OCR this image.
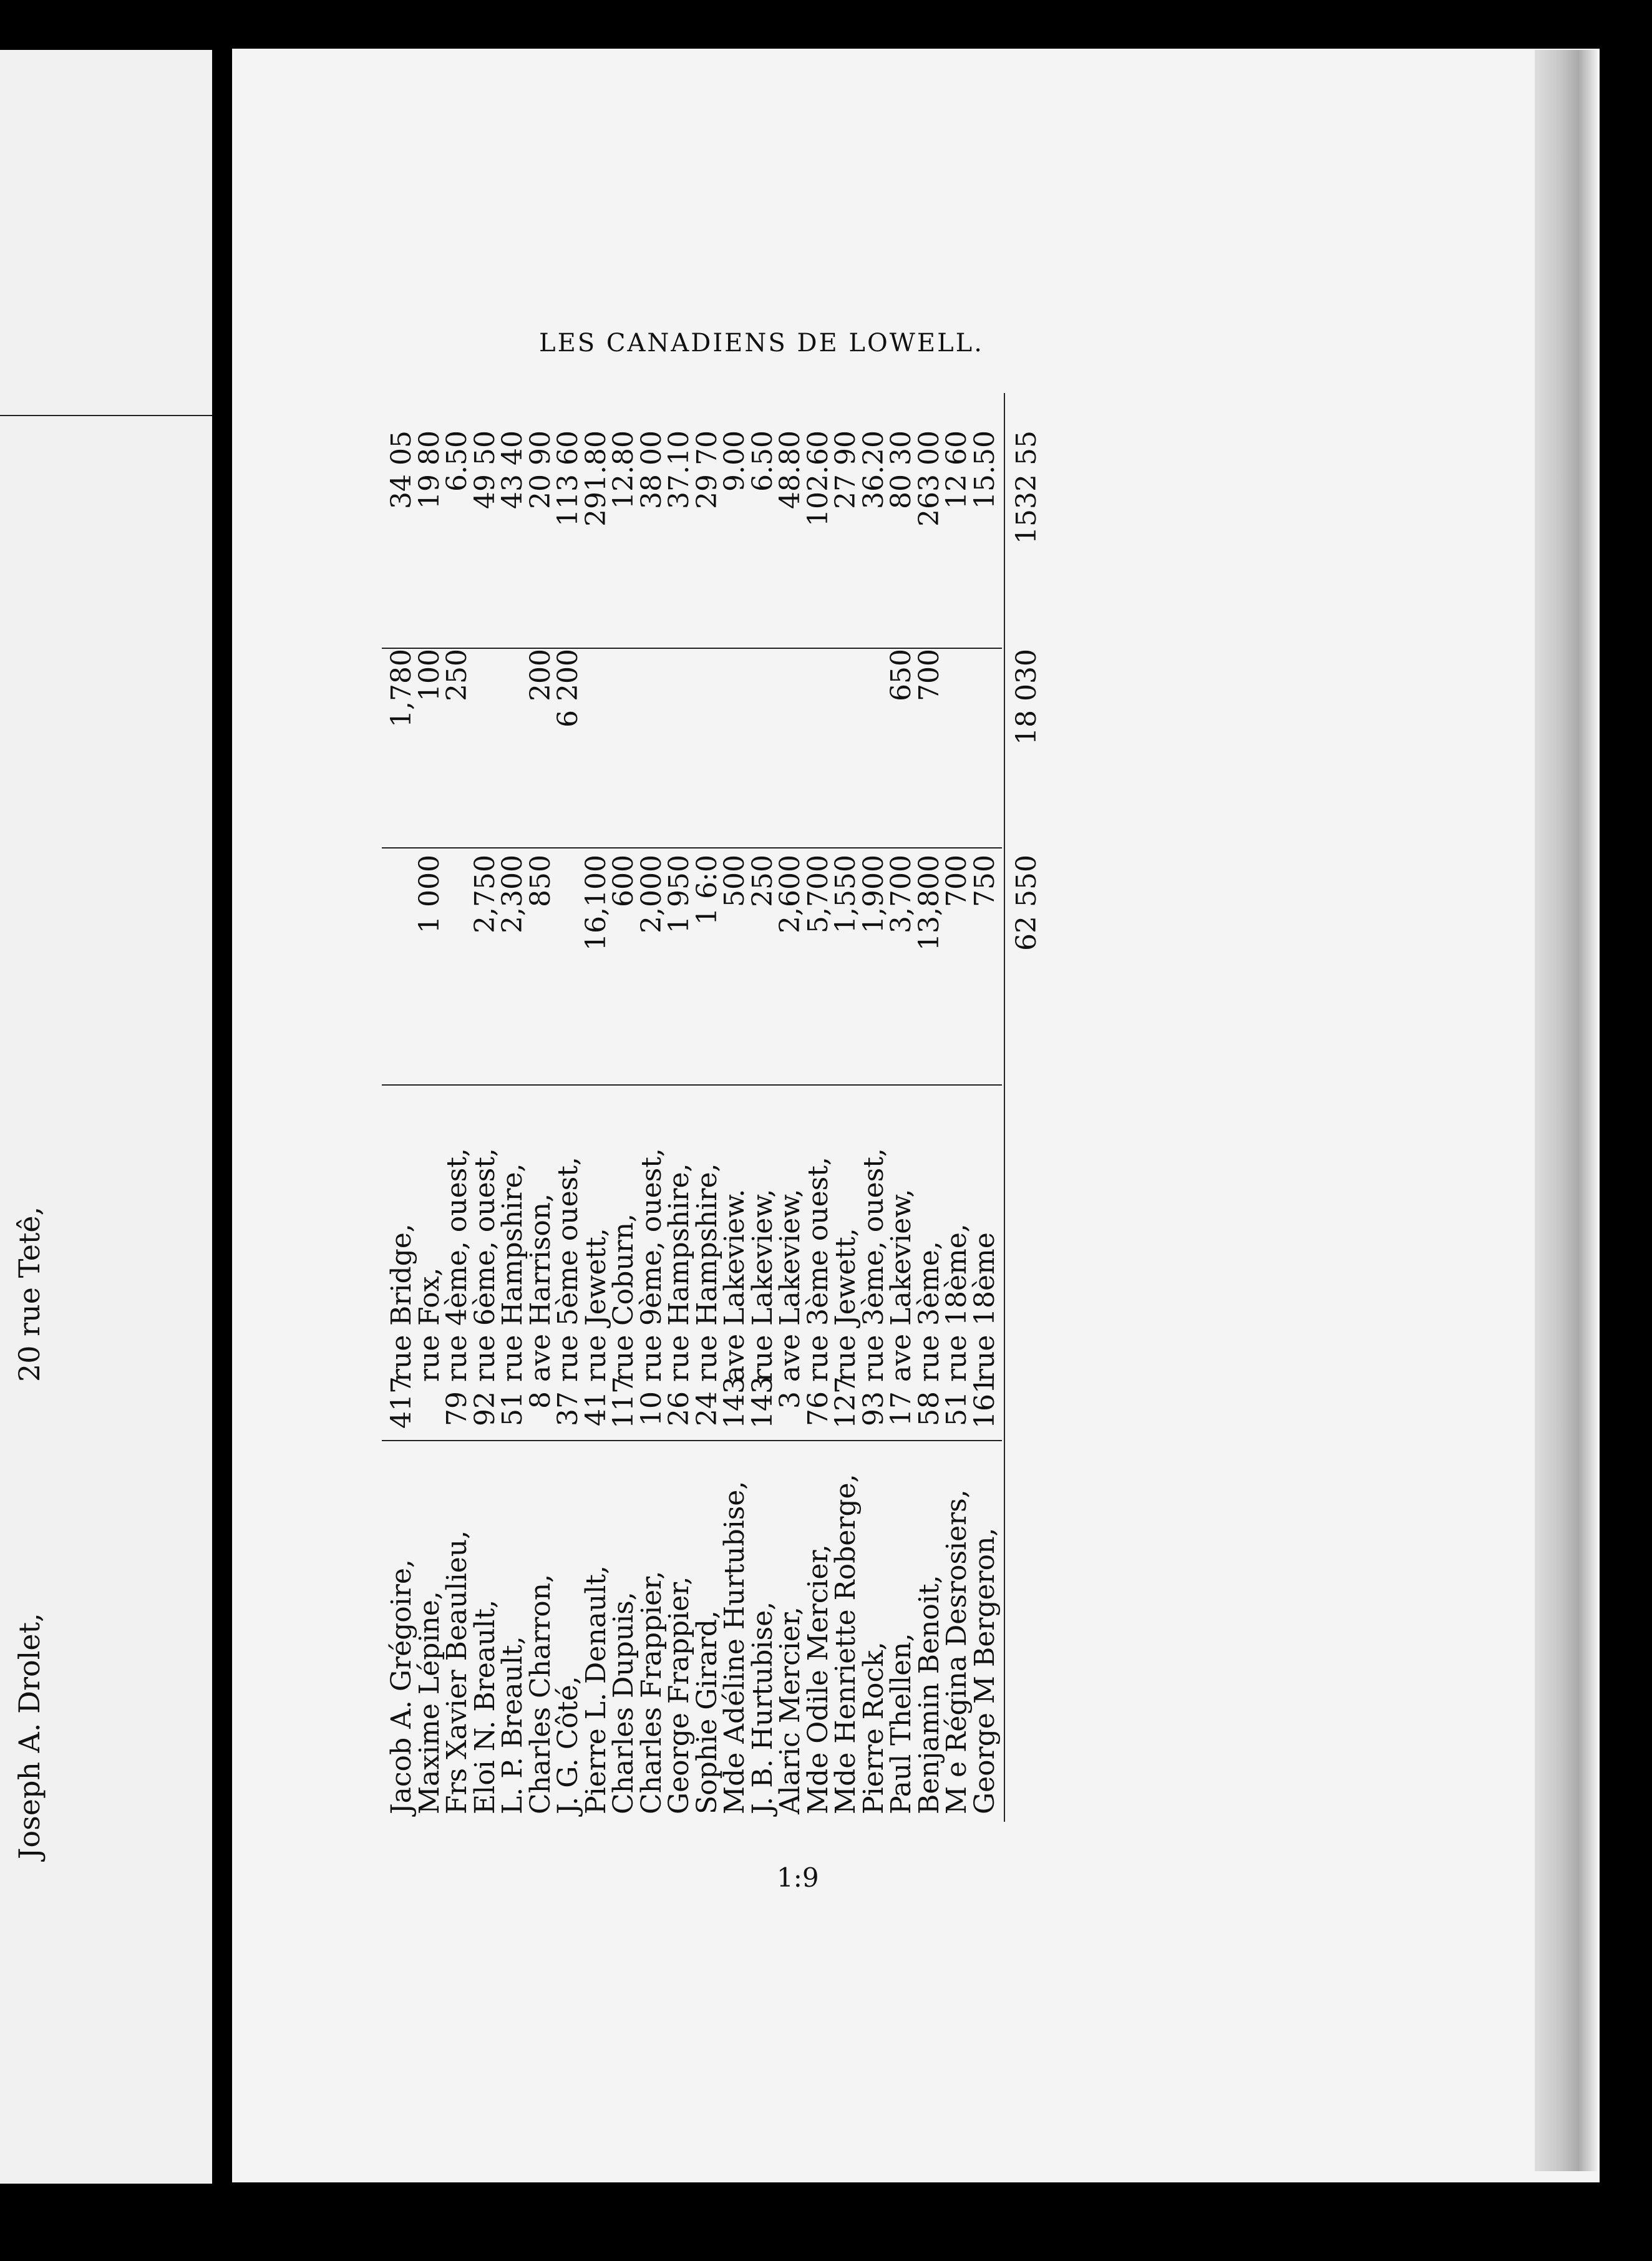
Joseph A. Drolet,
20 rue Tetê,
LES CANADIENS DE LOWELL.
1:9
Jacob A. Grégoire,
417
rue
Bridge,
1,780
34 05
Maxime Lépine,
rue
Fox,
1 000
100
19 80
Frs Xavier Beaulieu,
79
rue
4ème, ouest,
250
6.50
Eloi N. Breault,
92
rue
6ème, ouest,
2,750
49 50
L. P. Breault,
51
rue
Hampshire,
2,300
43 40
Charles Charron,
8
ave
Harrison,
850
200
20 90
J. G. Côté,
37
rue
5ème ouest,
6 200
113 60
Pierre L. Denault,
41
rue
Jewett,
16,100
291.80
Charles Dupuis,
117
rue
Coburn,
600
12.80
Charles Frappier,
10
rue
9ème, ouest,
2,000
38 00
George Frappier,
26
rue
Hampshire,
1 950
37.10
Sophie Girard,
24
rue
Hampshire,
1 6:0
29 70
Mde Adéline Hurtubise,
143
ave
Lakeview.
500
9.00
J. B. Hurtubise,
143
rue
Lakeview,
250
6.50
Alaric Mercier,
3
ave
Lakeview,
2,600
48.80
Mde Odile Mercier,
76
rue
3ème ouest,
5,700
102.60
Mde Henriette Roberge,
127
rue
Jewett,
1,550
27 90
Pierre Rock,
93
rue
3ème, ouest,
1,900
36.20
Paul Thellen,
17
ave
Lakeview,
3,700
650
80 30
Benjamin Benoit,
58
rue
3ème,
13,800
700
263 00
M e Régina Desrosiers,
51
rue
18ème,
700
12 60
George M Bergeron,
161
rue
18ème
750
15.50
62 550
18 030
1532 55
